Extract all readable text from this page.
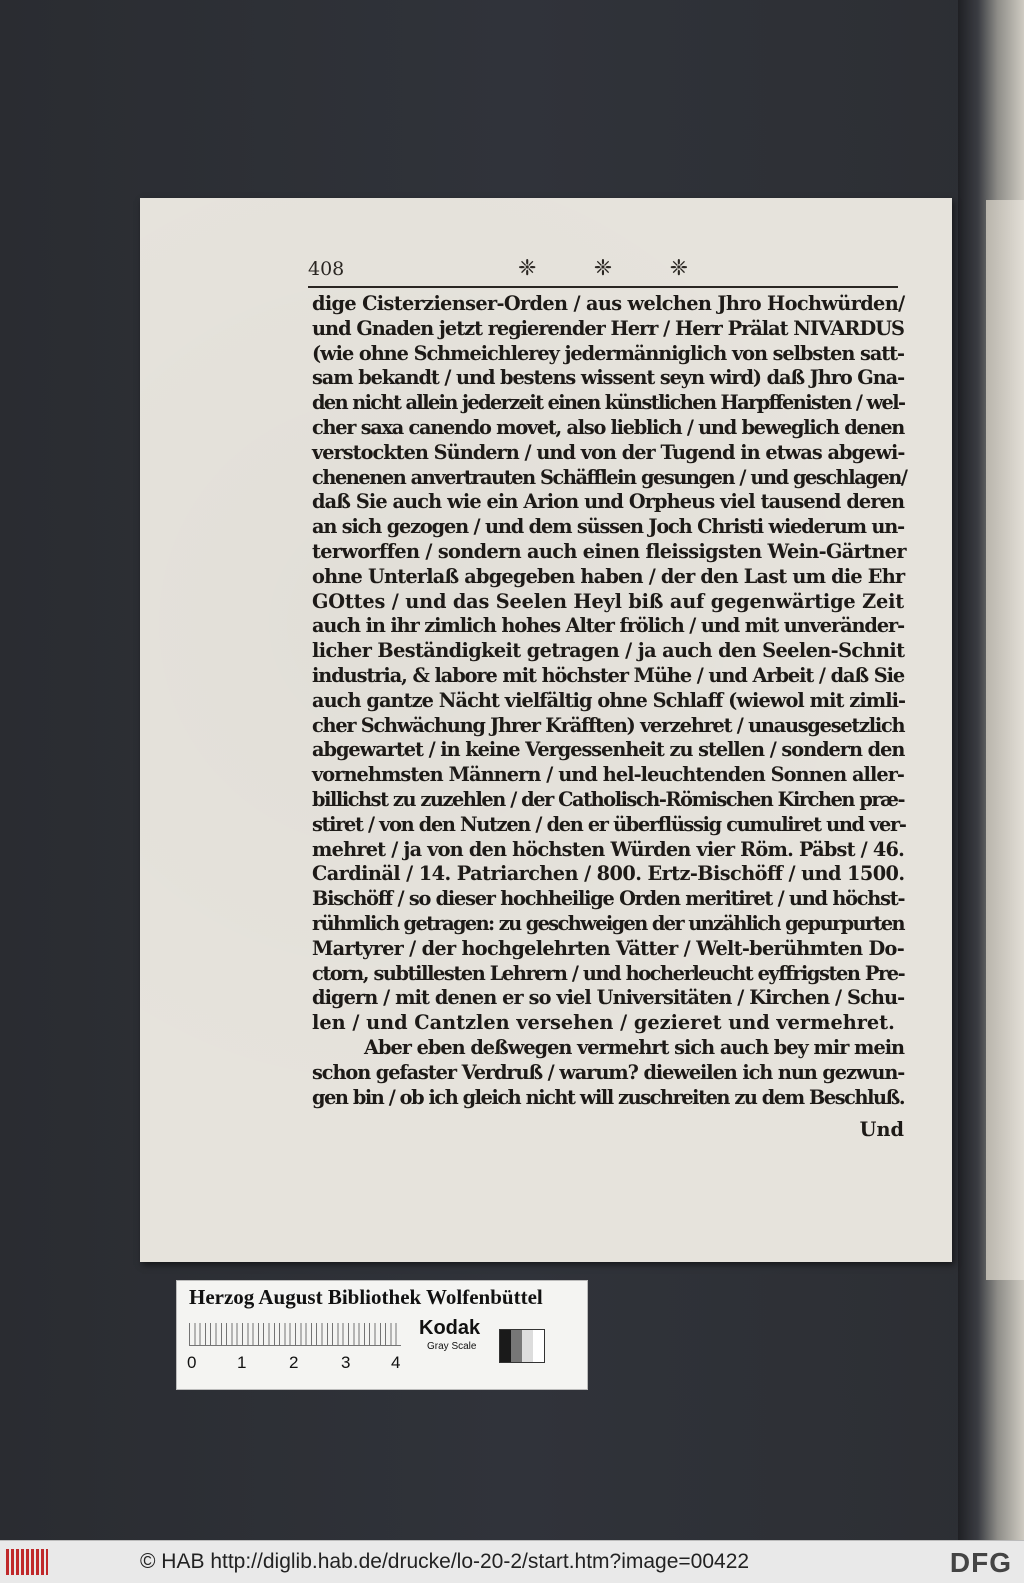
408	❈	❈	❈
dige Cisterzienser-Orden / aus welchen Jhro Hochwürden/
und Gnaden jetzt regierender Herr / Herr Prälat NIVARDUS
(wie ohne Schmeichlerey jedermänniglich von selbsten satt-
sam bekandt / und bestens wissent seyn wird) daß Jhro Gna-
den nicht allein jederzeit einen künstlichen Harpffenisten / wel-
cher saxa canendo movet, also lieblich / und beweglich denen
verstockten Sündern / und von der Tugend in etwas abgewi-
chenenen anvertrauten Schäfflein gesungen / und geschlagen/
daß Sie auch wie ein Arion und Orpheus viel tausend deren
an sich gezogen / und dem süssen Joch Christi wiederum un-
terworffen / sondern auch einen fleissigsten Wein-Gärtner
ohne Unterlaß abgegeben haben / der den Last um die Ehr
GOttes / und das Seelen Heyl biß auf gegenwärtige Zeit
auch in ihr zimlich hohes Alter frölich / und mit unveränder-
licher Beständigkeit getragen / ja auch den Seelen-Schnit
industria, & labore mit höchster Mühe / und Arbeit / daß Sie
auch gantze Nächt vielfältig ohne Schlaff (wiewol mit zimli-
cher Schwächung Jhrer Kräfften) verzehret / unausgesetzlich
abgewartet / in keine Vergessenheit zu stellen / sondern den
vornehmsten Männern / und hel-leuchtenden Sonnen aller-
billichst zu zuzehlen / der Catholisch-Römischen Kirchen præ-
stiret / von den Nutzen / den er überflüssig cumuliret und ver-
mehret / ja von den höchsten Würden vier Röm. Päbst / 46.
Cardinäl / 14. Patriarchen / 800. Ertz-Bischöff / und 1500.
Bischöff / so dieser hochheilige Orden meritiret / und höchst-
rühmlich getragen: zu geschweigen der unzählich gepurpurten
Martyrer / der hochgelehrten Vätter / Welt-berühmten Do-
ctorn, subtillesten Lehrern / und hocherleucht eyffrigsten Pre-
digern / mit denen er so viel Universitäten / Kirchen / Schu-
len / und Cantzlen versehen / gezieret und vermehret.
Aber eben deßwegen vermehrt sich auch bey mir mein
schon gefaster Verdruß / warum? dieweilen ich nun gezwun-
gen bin / ob ich gleich nicht will zuschreiten zu dem Beschluß.
Und
Herzog August Bibliothek Wolfenbüttel
0 1	2	3 4
Kodak
Gray Scale
© HAB http://diglib.hab.de/drucke/lo-20-2/start.htm?image=00422	DFG
